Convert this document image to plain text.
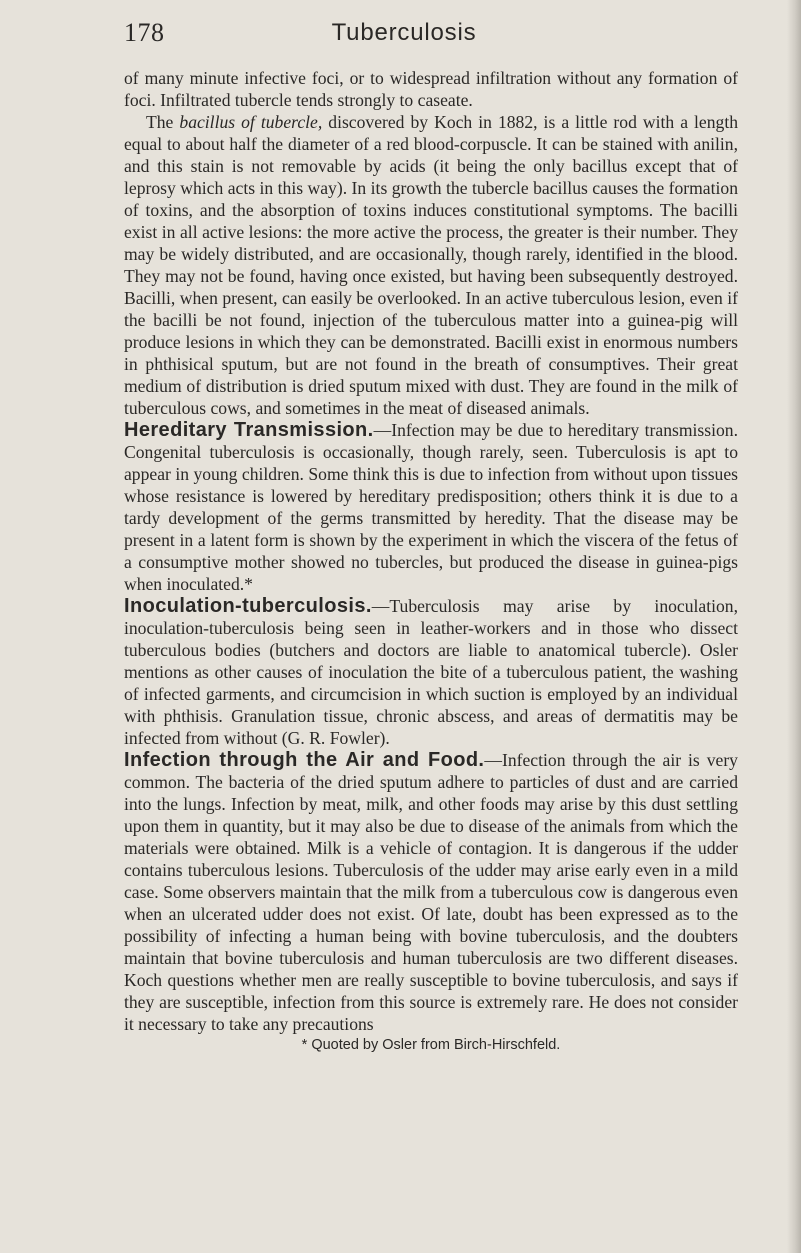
178	Tuberculosis

of many minute infective foci, or to widespread infiltration without any formation of foci. Infiltrated tubercle tends strongly to caseate.

The bacillus of tubercle, discovered by Koch in 1882, is a little rod with a length equal to about half the diameter of a red blood-corpuscle. It can be stained with anilin, and this stain is not removable by acids (it being the only bacillus except that of leprosy which acts in this way). In its growth the tubercle bacillus causes the formation of toxins, and the absorption of toxins induces constitutional symptoms. The bacilli exist in all active lesions: the more active the process, the greater is their number. They may be widely distributed, and are occasionally, though rarely, identified in the blood. They may not be found, having once existed, but having been subsequently destroyed. Bacilli, when present, can easily be overlooked. In an active tuberculous lesion, even if the bacilli be not found, injection of the tuberculous matter into a guinea-pig will produce lesions in which they can be demonstrated. Bacilli exist in enormous numbers in phthisical sputum, but are not found in the breath of consumptives. Their great medium of distribution is dried sputum mixed with dust. They are found in the milk of tuberculous cows, and sometimes in the meat of diseased animals.

Hereditary Transmission.—Infection may be due to hereditary transmission. Congenital tuberculosis is occasionally, though rarely, seen. Tuberculosis is apt to appear in young children. Some think this is due to infection from without upon tissues whose resistance is lowered by hereditary predisposition; others think it is due to a tardy development of the germs transmitted by heredity. That the disease may be present in a latent form is shown by the experiment in which the viscera of the fetus of a consumptive mother showed no tubercles, but produced the disease in guinea-pigs when inoculated.*

Inoculation-tuberculosis.—Tuberculosis may arise by inoculation, inoculation-tuberculosis being seen in leather-workers and in those who dissect tuberculous bodies (butchers and doctors are liable to anatomical tubercle). Osler mentions as other causes of inoculation the bite of a tuberculous patient, the washing of infected garments, and circumcision in which suction is employed by an individual with phthisis. Granulation tissue, chronic abscess, and areas of dermatitis may be infected from without (G. R. Fowler).

Infection through the Air and Food.—Infection through the air is very common. The bacteria of the dried sputum adhere to particles of dust and are carried into the lungs. Infection by meat, milk, and other foods may arise by this dust settling upon them in quantity, but it may also be due to disease of the animals from which the materials were obtained. Milk is a vehicle of contagion. It is dangerous if the udder contains tuberculous lesions. Tuberculosis of the udder may arise early even in a mild case. Some observers maintain that the milk from a tuberculous cow is dangerous even when an ulcerated udder does not exist. Of late, doubt has been expressed as to the possibility of infecting a human being with bovine tuberculosis, and the doubters maintain that bovine tuberculosis and human tuberculosis are two different diseases. Koch questions whether men are really susceptible to bovine tuberculosis, and says if they are susceptible, infection from this source is extremely rare. He does not consider it necessary to take any precautions

* Quoted by Osler from Birch-Hirschfeld.
